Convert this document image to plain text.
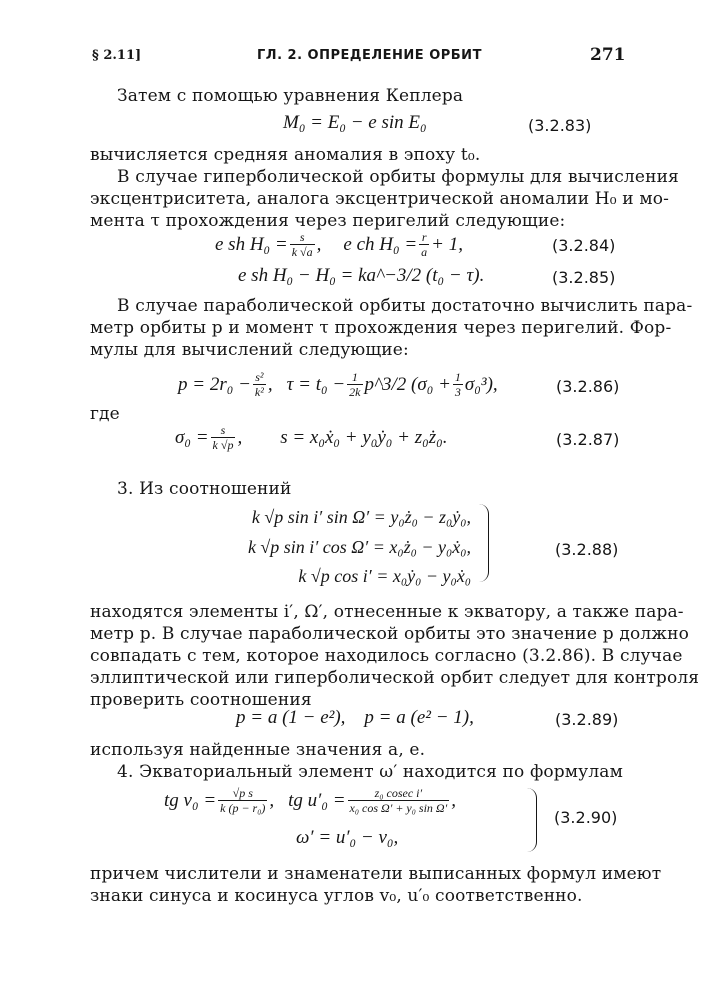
§ 2.11]	ГЛ. 2. ОПРЕДЕЛЕНИЕ ОРБИТ	271
Затем с помощью уравнения Кеплера
M₀ = E₀ − e sin E₀	(3.2.83)
вычисляется средняя аномалия в эпоху t₀.
В случае гиперболической орбиты формулы для вычисления
эксцентриситета, аналога эксцентрической аномалии H₀ и мо-
мента τ прохождения через перигелий следующие:
e sh $H_0 = \frac{s}{k √a}$ , e ch $H_0 = \frac{r}{a} + 1$,	(3.2.84)
e sh H₀ − H₀ = ka^−3/2 (t₀ − τ).	(3.2.85)
В случае параболической орбиты достаточно вычислить пара-
метр орбиты p и момент τ прохождения через перигелий. Фор-
мулы для вычислений следующие:
$p = 2r_0 - \frac{\text{s²}}{\text{k²}}$ , $\tau = t_0 - \frac{1}{2k}$ p^3/2 $(\sigma_0 + \frac{1}{3} \sigma_0^3)$,	(3.2.86)
где
$\sigma_0 = \frac{s}{k √p}$ , s = x₀ẋ₀ + y₀ẏ₀ + z₀ż₀.	(3.2.87)
3. Из соотношений
k √p sin i′ sin Ω′ = y₀ż₀ − z₀ẏ₀,
k √p sin i′ cos Ω′ = x₀ż₀ − y₀ẋ₀,
k √p cos i′ = x₀ẏ₀ − y₀ẋ₀
(3.2.88)
находятся элементы i′, Ω′, отнесенные к экватору, а также пара-
метр p. В случае параболической орбиты это значение p должно
совпадать с тем, которое находилось согласно (3.2.86). В случае
эллиптической или гиперболической орбит следует для контроля
проверить соотношения
p = a (1 − e²),    p = a (e² − 1),	(3.2.89)
используя найденные значения a, e.
4. Экваториальный элемент ω′ находится по формулам
tg $v_0 = \frac{\text{√p s}}{\text{k (p − r₀)}}$ , tg $u'_0 = \frac{\text{z₀ cosec i′}}{\text{x₀ cos Ω′ + y₀ sin Ω′}}$ ,
ω′ = u′₀ − v₀,
(3.2.90)
причем числители и знаменатели выписанных формул имеют
знаки синуса и косинуса углов v₀, u′₀ соответственно.
